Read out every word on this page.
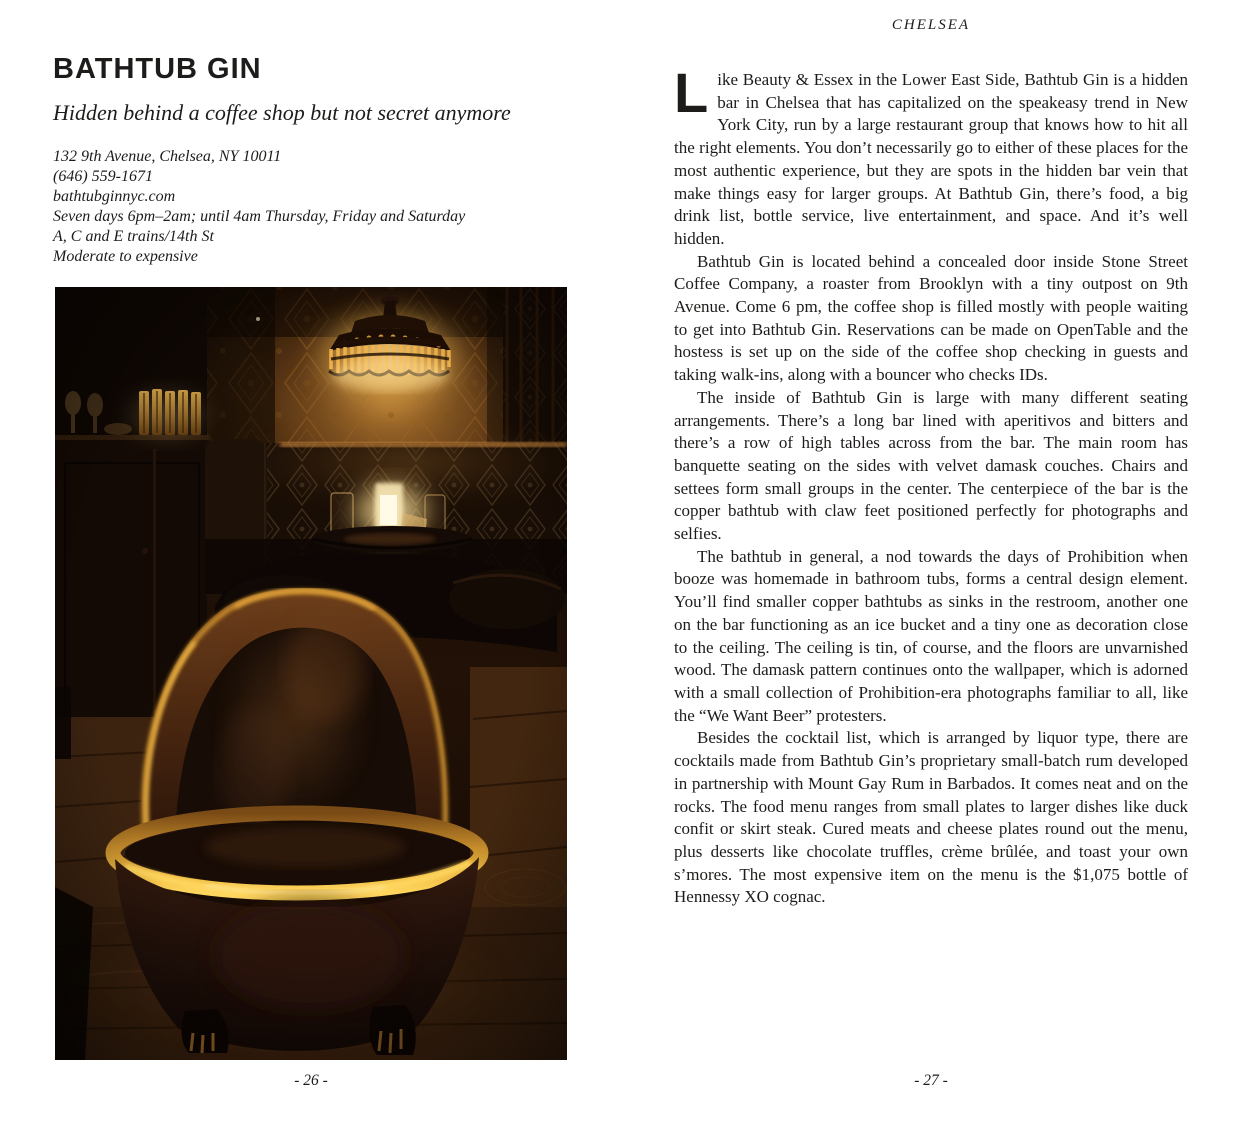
BATHTUB GIN
Hidden behind a coffee shop but not secret anymore
132 9th Avenue, Chelsea, NY 10011
(646) 559-1671
bathtubginnyc.com
Seven days 6pm–2am; until 4am Thursday, Friday and Saturday
A, C and E trains/14th St
Moderate to expensive
- 26 -
CHELSEA

Like Beauty & Essex in the Lower East Side, Bathtub Gin is a hidden bar in Chelsea that has capitalized on the speakeasy trend in New York City, run by a large restaurant group that knows how to hit all the right elements. You don’t necessarily go to either of these places for the most authentic experience, but they are spots in the hidden bar vein that make things easy for larger groups. At Bathtub Gin, there’s food, a big drink list, bottle service, live entertainment, and space. And it’s well hidden.

Bathtub Gin is located behind a concealed door inside Stone Street Coffee Company, a roaster from Brooklyn with a tiny outpost on 9th Avenue. Come 6 pm, the coffee shop is filled mostly with people waiting to get into Bathtub Gin. Reservations can be made on OpenTable and the hostess is set up on the side of the coffee shop checking in guests and taking walk-ins, along with a bouncer who checks IDs.

The inside of Bathtub Gin is large with many different seating arrangements. There’s a long bar lined with aperitivos and bitters and there’s a row of high tables across from the bar. The main room has banquette seating on the sides with velvet damask couches. Chairs and settees form small groups in the center. The centerpiece of the bar is the copper bathtub with claw feet positioned perfectly for photographs and selfies.

The bathtub in general, a nod towards the days of Prohibition when booze was homemade in bathroom tubs, forms a central design element. You’ll find smaller copper bathtubs as sinks in the restroom, another one on the bar functioning as an ice bucket and a tiny one as decoration close to the ceiling. The ceiling is tin, of course, and the floors are unvarnished wood. The damask pattern continues onto the wallpaper, which is adorned with a small collection of Prohibition-era photographs familiar to all, like the “We Want Beer” protesters.

Besides the cocktail list, which is arranged by liquor type, there are cocktails made from Bathtub Gin’s proprietary small-batch rum developed in partnership with Mount Gay Rum in Barbados. It comes neat and on the rocks. The food menu ranges from small plates to larger dishes like duck confit or skirt steak. Cured meats and cheese plates round out the menu, plus desserts like chocolate truffles, crème brûlée, and toast your own s’mores. The most expensive item on the menu is the $1,075 bottle of Hennessy XO cognac.

- 27 -
